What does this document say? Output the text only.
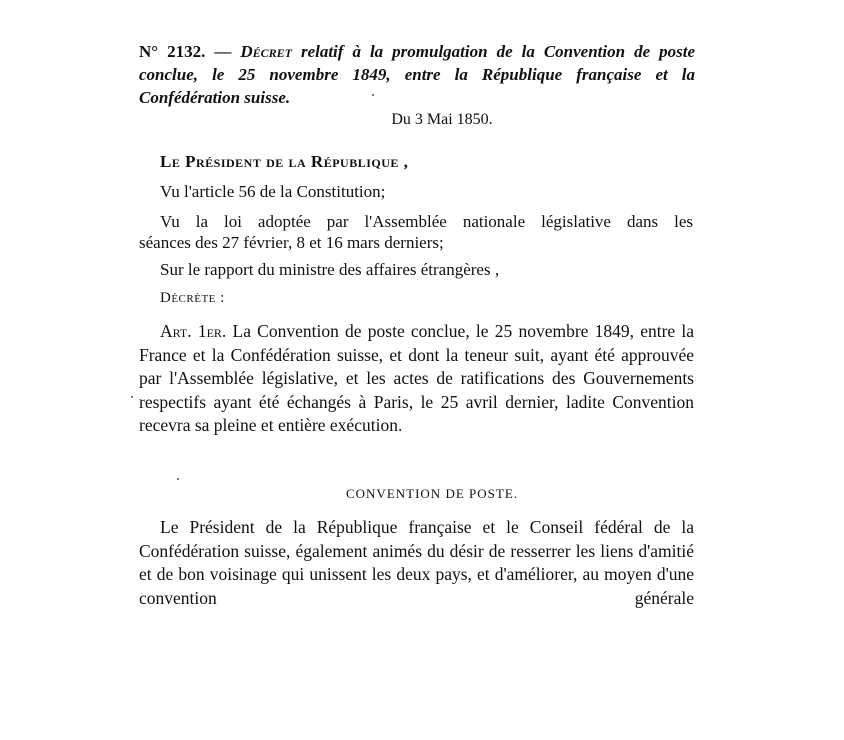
N° 2132. — Décret relatif à la promulgation de la Convention de poste
conclue, le 25 novembre 1849, entre la République française et la
Confédération suisse.
Du 3 Mai 1850.
Le Président de la République ,
Vu l'article 56 de la Constitution;
Vu la loi adoptée par l'Assemblée nationale législative dans les
séances des 27 février, 8 et 16 mars derniers;
Sur le rapport du ministre des affaires étrangères ,
Décrète :
Art. 1er. La Convention de poste conclue, le 25 novembre 1849, entre la France et la Confédération suisse, et dont la teneur suit, ayant été approuvée par l'Assemblée législative, et les actes de ratifications des Gouvernements respectifs ayant été échangés à Paris, le 25 avril dernier, ladite Convention recevra sa pleine et entière exécution.
CONVENTION DE POSTE.
Le Président de la République française et le Conseil fédéral de la Confédération suisse, également animés du désir de resserrer les liens d'amitié et de bon voisinage qui unissent les deux pays, et d'améliorer, au moyen d'une convention générale
